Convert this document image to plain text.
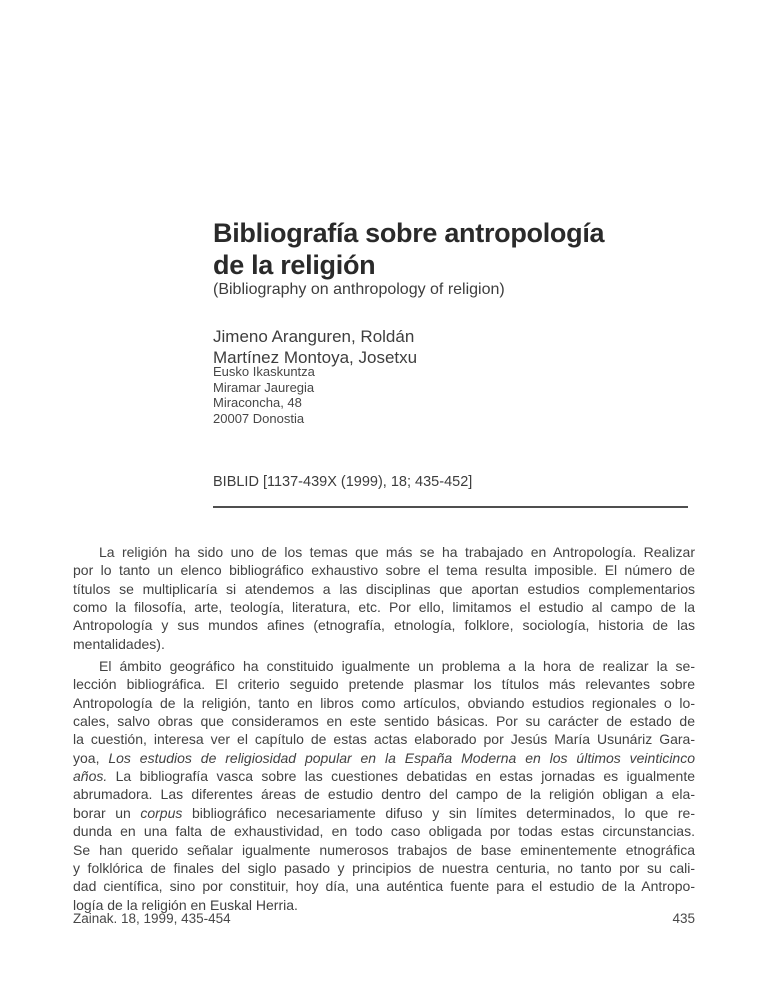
Bibliografía sobre antropología
de la religión
(Bibliography on anthropology of religion)
Jimeno Aranguren, Roldán
Martínez Montoya, Josetxu
Eusko Ikaskuntza
Miramar Jauregia
Miraconcha, 48
20007 Donostia
BIBLID [1137-439X (1999), 18; 435-452]
La religión ha sido uno de los temas que más se ha trabajado en Antropología. Realizar
por lo tanto un elenco bibliográfico exhaustivo sobre el tema resulta imposible. El número de
títulos se multiplicaría si atendemos a las disciplinas que aportan estudios complementarios
como la filosofía, arte, teología, literatura, etc. Por ello, limitamos el estudio al campo de la
Antropología y sus mundos afines (etnografía, etnología, folklore, sociología, historia de las
mentalidades).
El ámbito geográfico ha constituido igualmente un problema a la hora de realizar la se-
lección bibliográfica. El criterio seguido pretende plasmar los títulos más relevantes sobre
Antropología de la religión, tanto en libros como artículos, obviando estudios regionales o lo-
cales, salvo obras que consideramos en este sentido básicas. Por su carácter de estado de
la cuestión, interesa ver el capítulo de estas actas elaborado por Jesús María Usunáriz Gara-
yoa, Los estudios de religiosidad popular en la España Moderna en los últimos veinticinco
años. La bibliografía vasca sobre las cuestiones debatidas en estas jornadas es igualmente
abrumadora. Las diferentes áreas de estudio dentro del campo de la religión obligan a ela-
borar un corpus bibliográfico necesariamente difuso y sin límites determinados, lo que re-
dunda en una falta de exhaustividad, en todo caso obligada por todas estas circunstancias.
Se han querido señalar igualmente numerosos trabajos de base eminentemente etnográfica
y folklórica de finales del siglo pasado y principios de nuestra centuria, no tanto por su cali-
dad científica, sino por constituir, hoy día, una auténtica fuente para el estudio de la Antropo-
logía de la religión en Euskal Herria.
Zainak. 18, 1999, 435-454	435
